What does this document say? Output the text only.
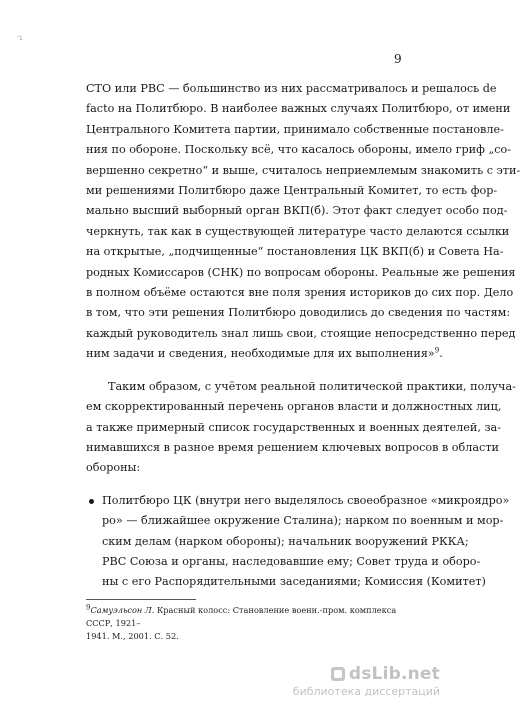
‘1
9
СТО или РВС — большинство из них рассматривалось и решалось de
facto на Политбюро. В наиболее важных случаях Политбюро, от имени
Центрального Комитета партии, принимало собственные постановле-
ния по обороне. Поскольку всё, что касалось обороны, имело гриф „со-
вершенно секретно“ и выше, считалось неприемлемым знакомить с эти-
ми решениями Политбюро даже Центральный Комитет, то есть фор-
мально высший выборный орган ВКП(б). Этот факт следует особо под-
черкнуть, так как в существующей литературе часто делаются ссылки
на открытые, „подчищенные“ постановления ЦК ВКП(б) и Совета На-
родных Комиссаров (СНК) по вопросам обороны. Реальные же решения
в полном объёме остаются вне поля зрения историков до сих пор. Дело
в том, что эти решения Политбюро доводились до сведения по частям:
каждый руководитель знал лишь свои, стоящие непосредственно перед
ним задачи и сведения, необходимые для их выполнения»$^9$.
Таким образом, с учётом реальной политической практики, получа-
ем скорректированный перечень органов власти и должностных лиц,
а также примерный список государственных и военных деятелей, за-
нимавшихся в разное время решением ключевых вопросов в области
обороны:
Политбюро ЦК (внутри него выделялось своеобразное «микроядро»
ро» — ближайшее окружение Сталина); нарком по военным и мор-
ским делам (нарком обороны); начальник вооружений РККА;
РВС Союза и органы, наследовавшие ему; Совет труда и оборо-
ны с его Распорядительными заседаниями; Комиссия (Комитет)
$^9$Самуэльсон Л. Красный колосс: Становление военн.-пром. комплекса СССР, 1921–
1941. М., 2001. С. 52.
dsLib.net
библиотека диссертаций
